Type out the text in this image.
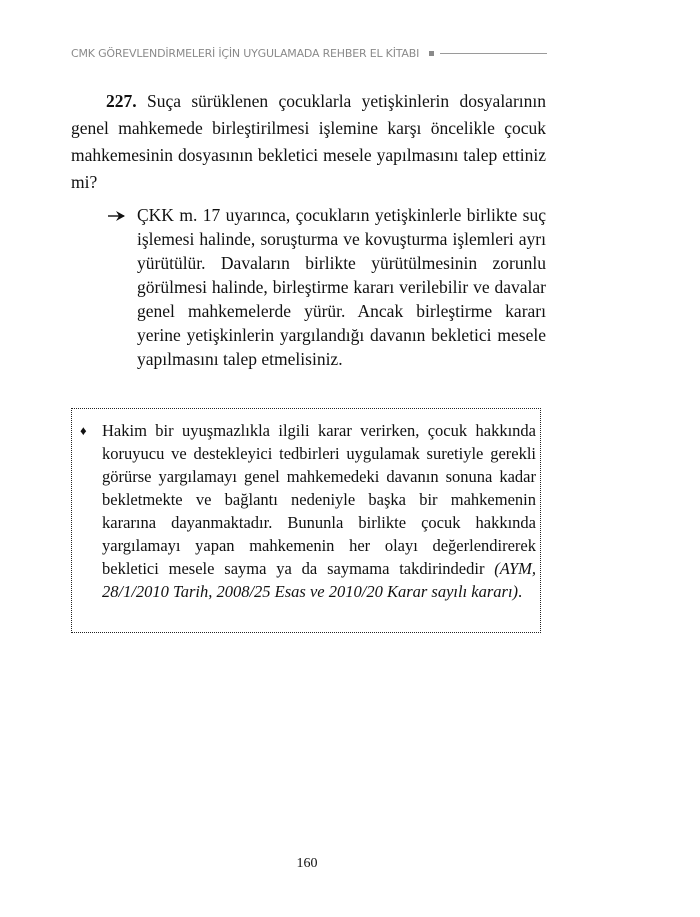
CMK GÖREVLENDİRMELERİ İÇİN UYGULAMADA REHBER EL KİTABI

227. Suça sürüklenen çocuklarla yetişkinlerin dosyalarının genel mahkemede birleştirilmesi işlemine karşı öncelikle çocuk mahkemesinin dosyasının bekletici mesele yapılmasını talep ettiniz mi?

ÇKK m. 17 uyarınca, çocukların yetişkinlerle birlikte suç işlemesi halinde, soruşturma ve kovuşturma işlemleri ayrı yürütülür. Davaların birlikte yürütülmesinin zorunlu görülmesi halinde, birleştirme kararı verilebilir ve davalar genel mahkemelerde yürür. Ancak birleştirme kararı yerine yetişkinlerin yargılandığı davanın bekletici mesele yapılmasını talep etmelisiniz.

♦ Hakim bir uyuşmazlıkla ilgili karar verirken, çocuk hakkında koruyucu ve destekleyici tedbirleri uygulamak suretiyle gerekli görürse yargılamayı genel mahkemedeki davanın sonuna kadar bekletmekte ve bağlantı nedeniyle başka bir mahkemenin kararına dayanmaktadır. Bununla birlikte çocuk hakkında yargılamayı yapan mahkemenin her olayı değerlendirerek bekletici mesele sayma ya da saymama takdirindedir (AYM, 28/1/2010 Tarih, 2008/25 Esas ve 2010/20 Karar sayılı kararı).

160
